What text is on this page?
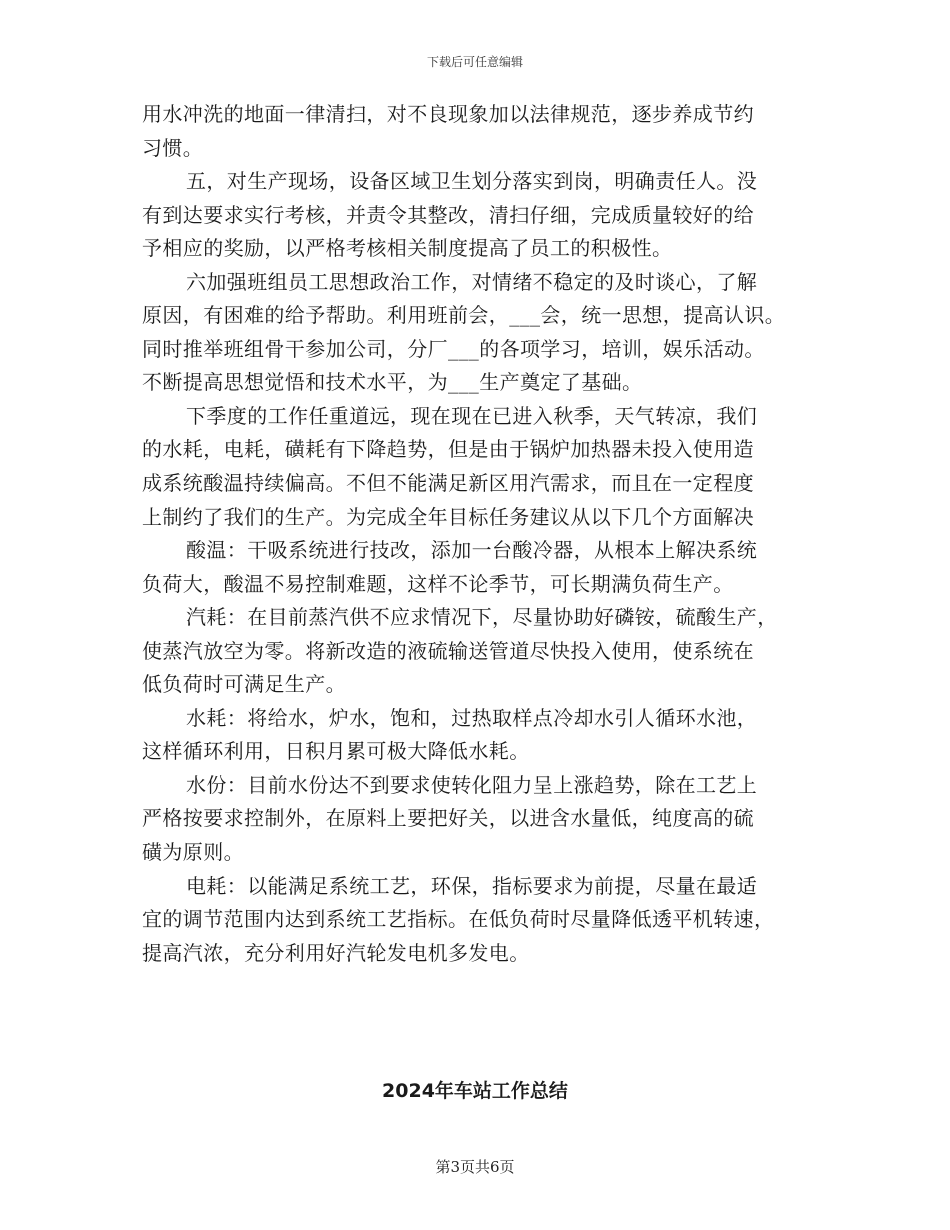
下载后可任意编辑
用水冲洗的地面一律清扫，对不良现象加以法律规范，逐步养成节约
习惯。
五，对生产现场，设备区域卫生划分落实到岗，明确责任人。没
有到达要求实行考核，并责令其整改，清扫仔细，完成质量较好的给
予相应的奖励，以严格考核相关制度提高了员工的积极性。
六加强班组员工思想政治工作，对情绪不稳定的及时谈心，了解
原因，有困难的给予帮助。利用班前会，___会，统一思想，提高认识。
同时推举班组骨干参加公司，分厂___的各项学习，培训，娱乐活动。
不断提高思想觉悟和技术水平，为___生产奠定了基础。
下季度的工作任重道远，现在现在已进入秋季，天气转凉，我们
的水耗，电耗，磺耗有下降趋势，但是由于锅炉加热器未投入使用造
成系统酸温持续偏高。不但不能满足新区用汽需求，而且在一定程度
上制约了我们的生产。为完成全年目标任务建议从以下几个方面解决
酸温：干吸系统进行技改，添加一台酸冷器，从根本上解决系统
负荷大，酸温不易控制难题，这样不论季节，可长期满负荷生产。
汽耗：在目前蒸汽供不应求情况下，尽量协助好磷铵，硫酸生产，
使蒸汽放空为零。将新改造的液硫输送管道尽快投入使用，使系统在
低负荷时可满足生产。
水耗：将给水，炉水，饱和，过热取样点冷却水引人循环水池，
这样循环利用，日积月累可极大降低水耗。
水份：目前水份达不到要求使转化阻力呈上涨趋势，除在工艺上
严格按要求控制外，在原料上要把好关，以进含水量低，纯度高的硫
磺为原则。
电耗：以能满足系统工艺，环保，指标要求为前提，尽量在最适
宜的调节范围内达到系统工艺指标。在低负荷时尽量降低透平机转速，
提高汽浓，充分利用好汽轮发电机多发电。
2024年车站工作总结
第3页共6页
